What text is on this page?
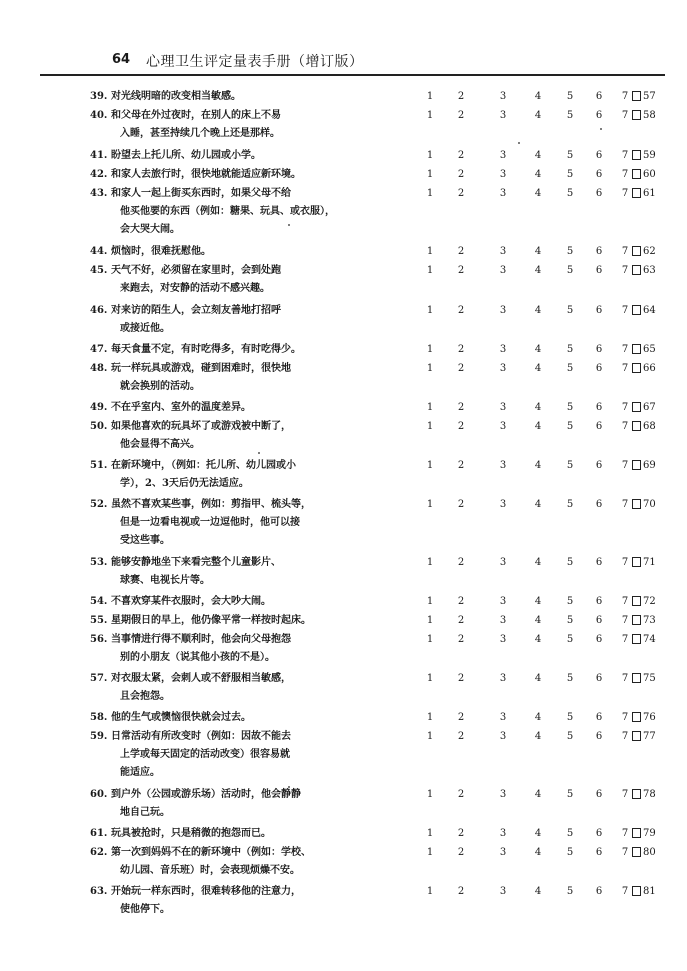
64 心理卫生评定量表手册（增订版）
39. 对光线明暗的改变相当敏感。	1	2	3	4	5	6	7	57
40. 和父母在外过夜时，在别人的床上不易
入睡，甚至持续几个晚上还是那样。
1	2	3	4	5	6	7	58
41. 盼望去上托儿所、幼儿园或小学。	1	2	3	4	5	6	7	59
42. 和家人去旅行时，很快地就能适应新环境。	1	2	3	4	5	6	7	60
43. 和家人一起上街买东西时，如果父母不给
他买他要的东西（例如：糖果、玩具、或衣服），
会大哭大闹。
1	2	3	4	5	6	7	61
44. 烦恼时，很难抚慰他。	1	2	3	4	5	6	7	62
45. 天气不好，必须留在家里时，会到处跑
来跑去，对安静的活动不感兴趣。
1	2	3	4	5	6	7	63
46. 对来访的陌生人，会立刻友善地打招呼
或接近他。
1	2	3	4	5	6	7	64
47. 每天食量不定，有时吃得多，有时吃得少。	1	2	3	4	5	6	7	65
48. 玩一样玩具或游戏，碰到困难时，很快地
就会换别的活动。
1	2	3	4	5	6	7	66
49. 不在乎室内、室外的温度差异。	1	2	3	4	5	6	7	67
50. 如果他喜欢的玩具坏了或游戏被中断了，
他会显得不高兴。
1	2	3	4	5	6	7	68
51. 在新环境中，（例如：托儿所、幼儿园或小
学），2、3天后仍无法适应。
1	2	3	4	5	6	7	69
52. 虽然不喜欢某些事，例如：剪指甲、梳头等，
但是一边看电视或一边逗他时，他可以接
受这些事。
1	2	3	4	5	6	7	70
53. 能够安静地坐下来看完整个儿童影片、
球赛、电视长片等。
1	2	3	4	5	6	7	71
54. 不喜欢穿某件衣服时，会大吵大闹。	1	2	3	4	5	6	7	72
55. 星期假日的早上，他仍像平常一样按时起床。	1	2	3	4	5	6	7	73
56. 当事情进行得不顺利时，他会向父母抱怨
别的小朋友（说其他小孩的不是）。
1	2	3	4	5	6	7	74
57. 对衣服太紧，会刺人或不舒服相当敏感，
且会抱怨。
1	2	3	4	5	6	7	75
58. 他的生气或懊恼很快就会过去。	1	2	3	4	5	6	7	76
59. 日常活动有所改变时（例如：因故不能去
上学或每天固定的活动改变）很容易就
能适应。
1	2	3	4	5	6	7	77
60. 到户外（公园或游乐场）活动时，他会静静
地自己玩。
1	2	3	4	5	6	7	78
61. 玩具被抢时，只是稍微的抱怨而已。	1	2	3	4	5	6	7	79
62. 第一次到妈妈不在的新环境中（例如：学校、
幼儿园、音乐班）时，会表现烦燥不安。
1	2	3	4	5	6	7	80
63. 开始玩一样东西时，很难转移他的注意力，
使他停下。
1	2	3	4	5	6	7	81
